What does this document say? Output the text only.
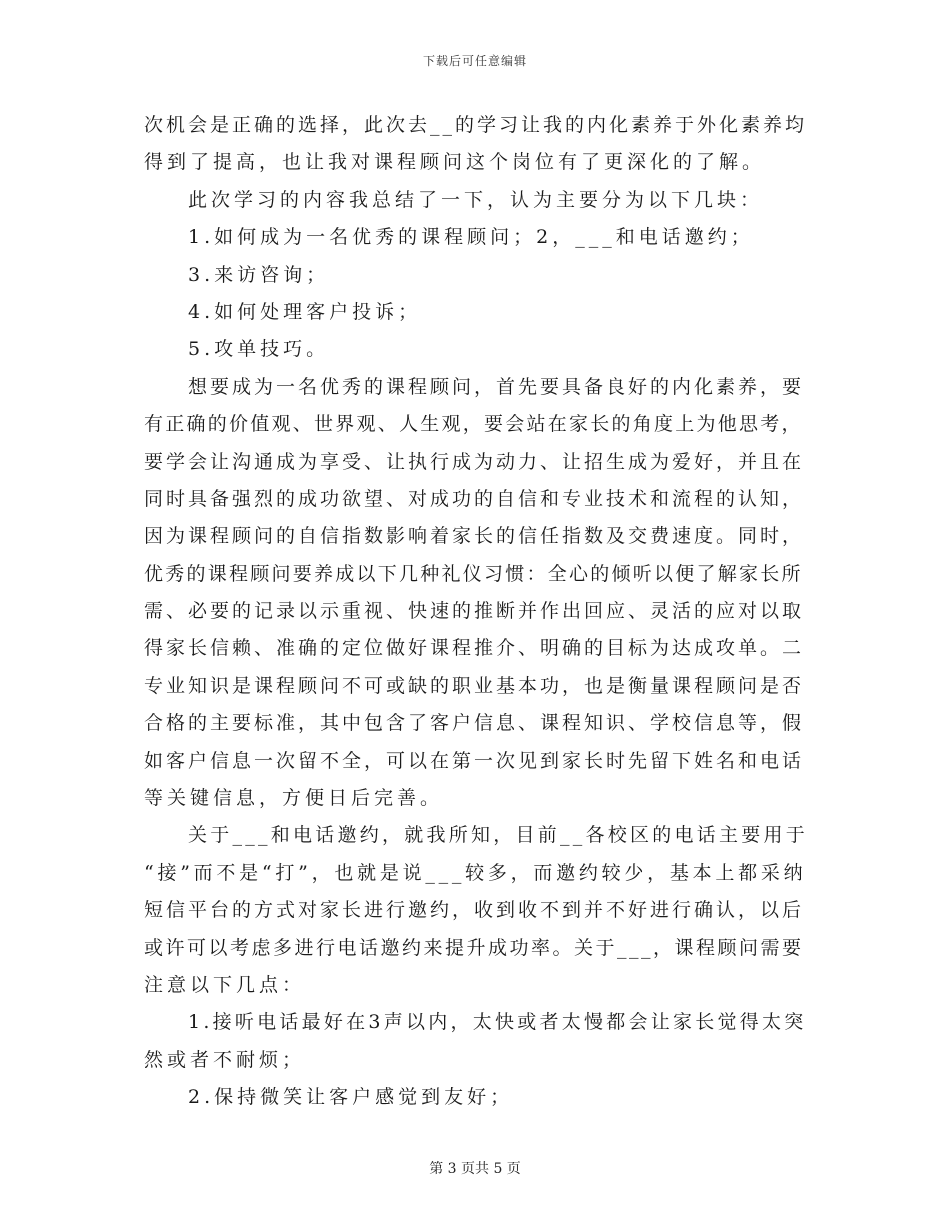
下载后可任意编辑
次机会是正确的选择，此次去__的学习让我的内化素养于外化素养均
得到了提高，也让我对课程顾问这个岗位有了更深化的了解。
此次学习的内容我总结了一下，认为主要分为以下几块：
1.如何成为一名优秀的课程顾问；2，___和电话邀约；
3.来访咨询；
4.如何处理客户投诉；
5.攻单技巧。
想要成为一名优秀的课程顾问，首先要具备良好的内化素养，要
有正确的价值观、世界观、人生观，要会站在家长的角度上为他思考，
要学会让沟通成为享受、让执行成为动力、让招生成为爱好，并且在
同时具备强烈的成功欲望、对成功的自信和专业技术和流程的认知，
因为课程顾问的自信指数影响着家长的信任指数及交费速度。同时，
优秀的课程顾问要养成以下几种礼仪习惯：全心的倾听以便了解家长所
需、必要的记录以示重视、快速的推断并作出回应、灵活的应对以取
得家长信赖、准确的定位做好课程推介、明确的目标为达成攻单。二
专业知识是课程顾问不可或缺的职业基本功，也是衡量课程顾问是否
合格的主要标准，其中包含了客户信息、课程知识、学校信息等，假
如客户信息一次留不全，可以在第一次见到家长时先留下姓名和电话
等关键信息，方便日后完善。
关于___和电话邀约，就我所知，目前__各校区的电话主要用于
“接”而不是“打”，也就是说___较多，而邀约较少，基本上都采纳
短信平台的方式对家长进行邀约，收到收不到并不好进行确认，以后
或许可以考虑多进行电话邀约来提升成功率。关于___，课程顾问需要
注意以下几点：
1.接听电话最好在3声以内，太快或者太慢都会让家长觉得太突
然或者不耐烦；
2.保持微笑让客户感觉到友好；
第 3 页共 5 页
